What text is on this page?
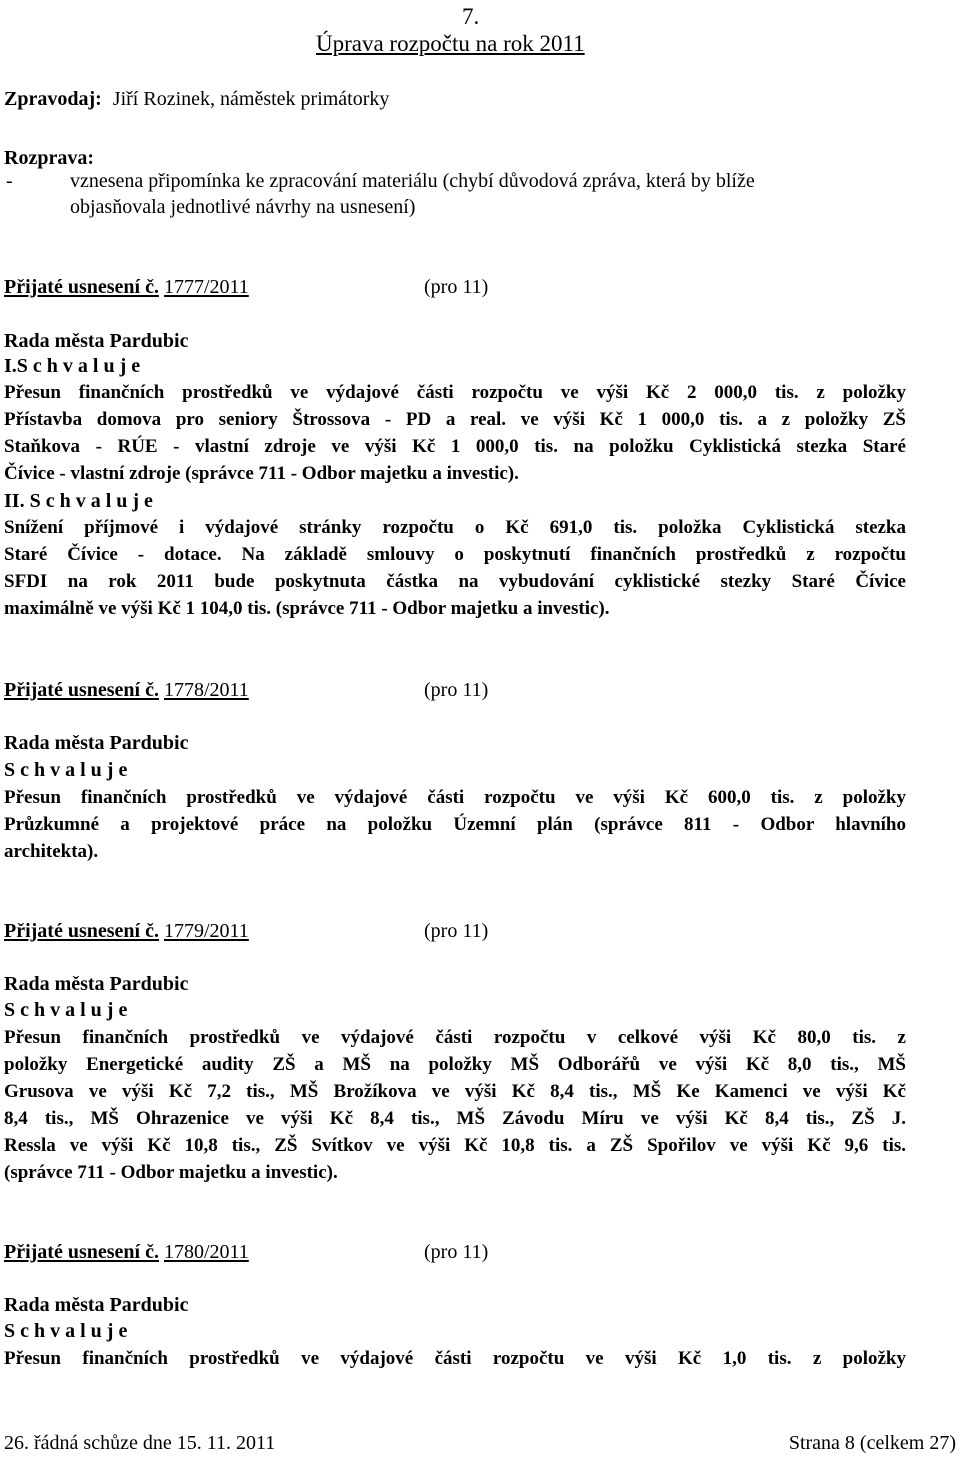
7.
Úprava rozpočtu na rok 2011
Zpravodaj: Jiří Rozinek, náměstek primátorky
Rozprava:
-	vznesena připomínka ke zpracování materiálu (chybí důvodová zpráva, která by blíže
objasňovala jednotlivé návrhy na usnesení)
Přijaté usnesení č. 1777/2011	(pro 11)
Rada města Pardubic
I.S c h v a l u j e
Přesun finančních prostředků ve výdajové části rozpočtu ve výši Kč 2 000,0 tis. z položky
Přístavba domova pro seniory Štrossova - PD a real. ve výši Kč 1 000,0 tis. a z položky ZŠ
Staňkova - RÚE - vlastní zdroje ve výši Kč 1 000,0 tis. na položku Cyklistická stezka Staré
Čívice - vlastní zdroje (správce 711 - Odbor majetku a investic).
II. S c h v a l u j e
Snížení příjmové i výdajové stránky rozpočtu o Kč 691,0 tis. položka Cyklistická stezka
Staré Čívice - dotace. Na základě smlouvy o poskytnutí finančních prostředků z rozpočtu
SFDI na rok 2011 bude poskytnuta částka na vybudování cyklistické stezky Staré Čívice
maximálně ve výši Kč 1 104,0 tis. (správce 711 - Odbor majetku a investic).
Přijaté usnesení č. 1778/2011	(pro 11)
Rada města Pardubic
S c h v a l u j e
Přesun finančních prostředků ve výdajové části rozpočtu ve výši Kč 600,0 tis. z položky
Průzkumné a projektové práce na položku Územní plán (správce 811 - Odbor hlavního
architekta).
Přijaté usnesení č. 1779/2011	(pro 11)
Rada města Pardubic
S c h v a l u j e
Přesun finančních prostředků ve výdajové části rozpočtu v celkové výši Kč 80,0 tis. z
položky Energetické audity ZŠ a MŠ na položky MŠ Odborářů ve výši Kč 8,0 tis., MŠ
Grusova ve výši Kč 7,2 tis., MŠ Brožíkova ve výši Kč 8,4 tis., MŠ Ke Kamenci ve výši Kč
8,4 tis., MŠ Ohrazenice ve výši Kč 8,4 tis., MŠ Závodu Míru ve výši Kč 8,4 tis., ZŠ J.
Ressla ve výši Kč 10,8 tis., ZŠ Svítkov ve výši Kč 10,8 tis. a ZŠ Spořilov ve výši Kč 9,6 tis.
(správce 711 - Odbor majetku a investic).
Přijaté usnesení č. 1780/2011	(pro 11)
Rada města Pardubic
S c h v a l u j e
Přesun finančních prostředků ve výdajové části rozpočtu ve výši Kč 1,0 tis. z položky
26. řádná schůze dne 15. 11. 2011	Strana 8 (celkem 27)
